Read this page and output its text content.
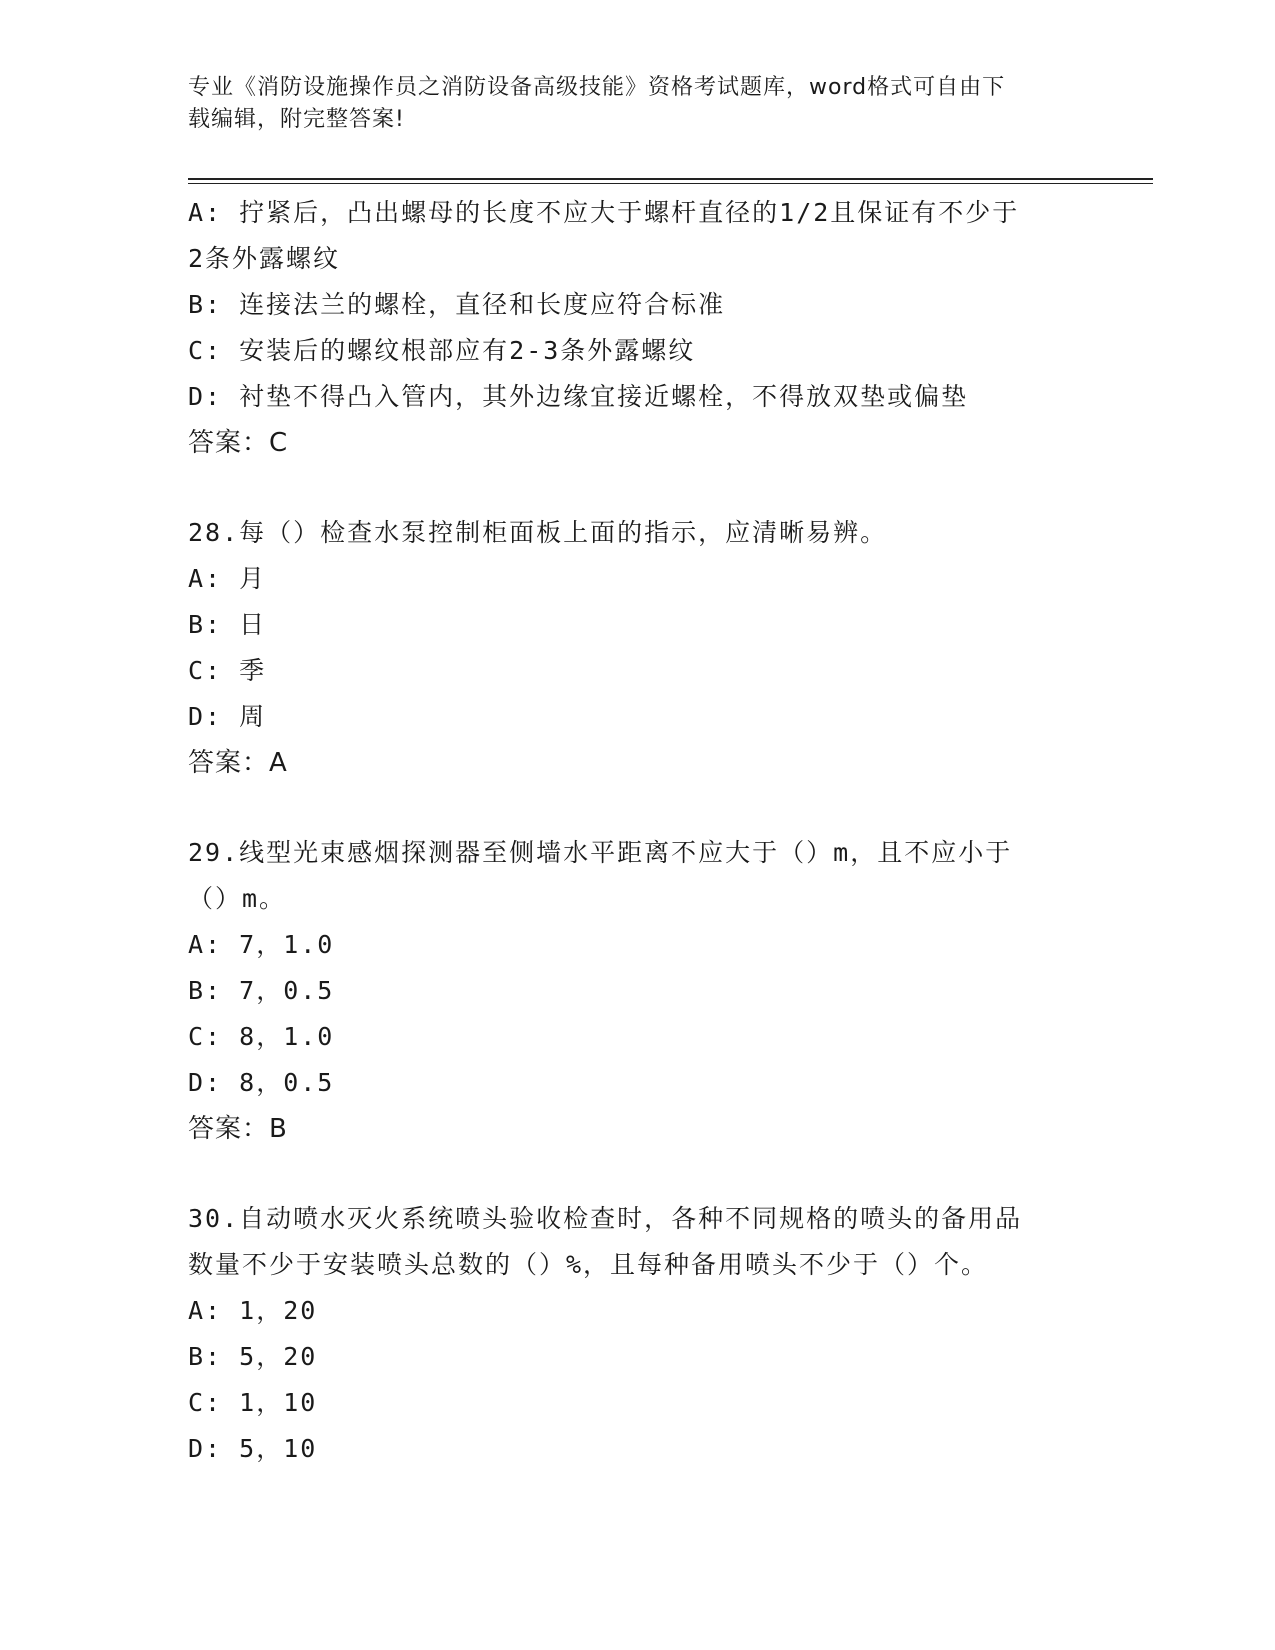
专业《消防设施操作员之消防设备高级技能》资格考试题库，word格式可自由下
载编辑，附完整答案!
A: 拧紧后，凸出螺母的长度不应大于螺杆直径的1/2且保证有不少于
2条外露螺纹
B: 连接法兰的螺栓，直径和长度应符合标准
C: 安装后的螺纹根部应有2-3条外露螺纹
D: 衬垫不得凸入管内，其外边缘宜接近螺栓，不得放双垫或偏垫
答案：C
28.每（）检查水泵控制柜面板上面的指示，应清晰易辨。
A: 月
B: 日
C: 季
D: 周
答案：A
29.线型光束感烟探测器至侧墙水平距离不应大于（）m，且不应小于
（）m。
A: 7，1.0
B: 7，0.5
C: 8，1.0
D: 8，0.5
答案：B
30.自动喷水灭火系统喷头验收检查时，各种不同规格的喷头的备用品
数量不少于安装喷头总数的（）%，且每种备用喷头不少于（）个。
A: 1，20
B: 5，20
C: 1，10
D: 5，10
